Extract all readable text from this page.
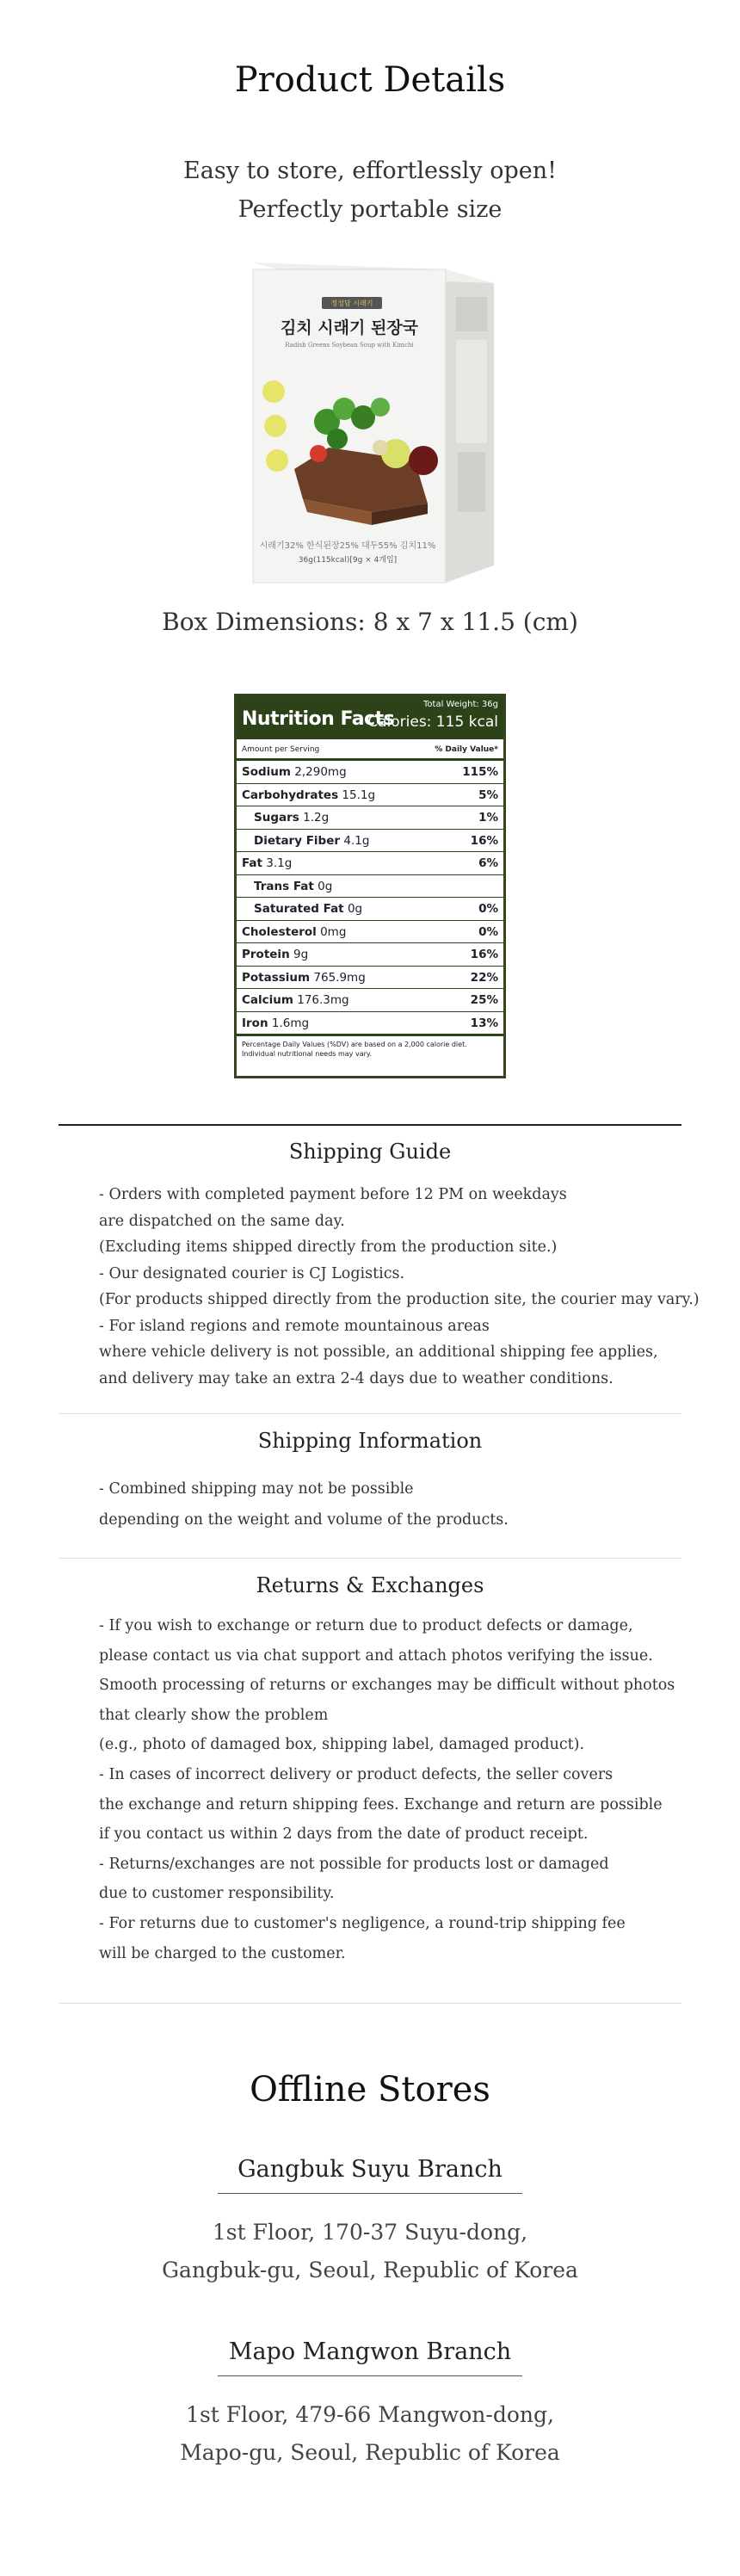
Product Details
Easy to store, effortlessly open!
Perfectly portable size
정성담 시래기
김치 시래기 된장국
Radish Greens Soybean Soup with Kimchi
시래기32% 한식된장25% 대두55% 김치11%
36g(115kcal)[9g × 4개입]
Box Dimensions: 8 x 7 x 11.5 (cm)
Nutrition Facts
Total Weight: 36g
Calories: 115 kcal
Amount per Serving	% Daily Value*
Sodium 2,290mg	115%
Carbohydrates 15.1g	5%
Sugars 1.2g	1%
Dietary Fiber 4.1g	16%
Fat 3.1g	6%
Trans Fat 0g
Saturated Fat 0g	0%
Cholesterol 0mg	0%
Protein 9g	16%
Potassium 765.9mg	22%
Calcium 176.3mg	25%
Iron 1.6mg	13%
Percentage Daily Values (%DV) are based on a 2,000 calorie diet.
Individual nutritional needs may vary.
Shipping Guide
- Orders with completed payment before 12 PM on weekdays
are dispatched on the same day.
(Excluding items shipped directly from the production site.)
- Our designated courier is CJ Logistics.
(For products shipped directly from the production site, the courier may vary.)
- For island regions and remote mountainous areas
where vehicle delivery is not possible, an additional shipping fee applies,
and delivery may take an extra 2-4 days due to weather conditions.
Shipping Information
- Combined shipping may not be possible
depending on the weight and volume of the products.
Returns & Exchanges
- If you wish to exchange or return due to product defects or damage,
please contact us via chat support and attach photos verifying the issue.
Smooth processing of returns or exchanges may be difficult without photos
that clearly show the problem
(e.g., photo of damaged box, shipping label, damaged product).
- In cases of incorrect delivery or product defects, the seller covers
the exchange and return shipping fees. Exchange and return are possible
if you contact us within 2 days from the date of product receipt.
- Returns/exchanges are not possible for products lost or damaged
due to customer responsibility.
- For returns due to customer's negligence, a round-trip shipping fee
will be charged to the customer.
Offline Stores
Gangbuk Suyu Branch
1st Floor, 170-37 Suyu-dong,
Gangbuk-gu, Seoul, Republic of Korea
Mapo Mangwon Branch
1st Floor, 479-66 Mangwon-dong,
Mapo-gu, Seoul, Republic of Korea
